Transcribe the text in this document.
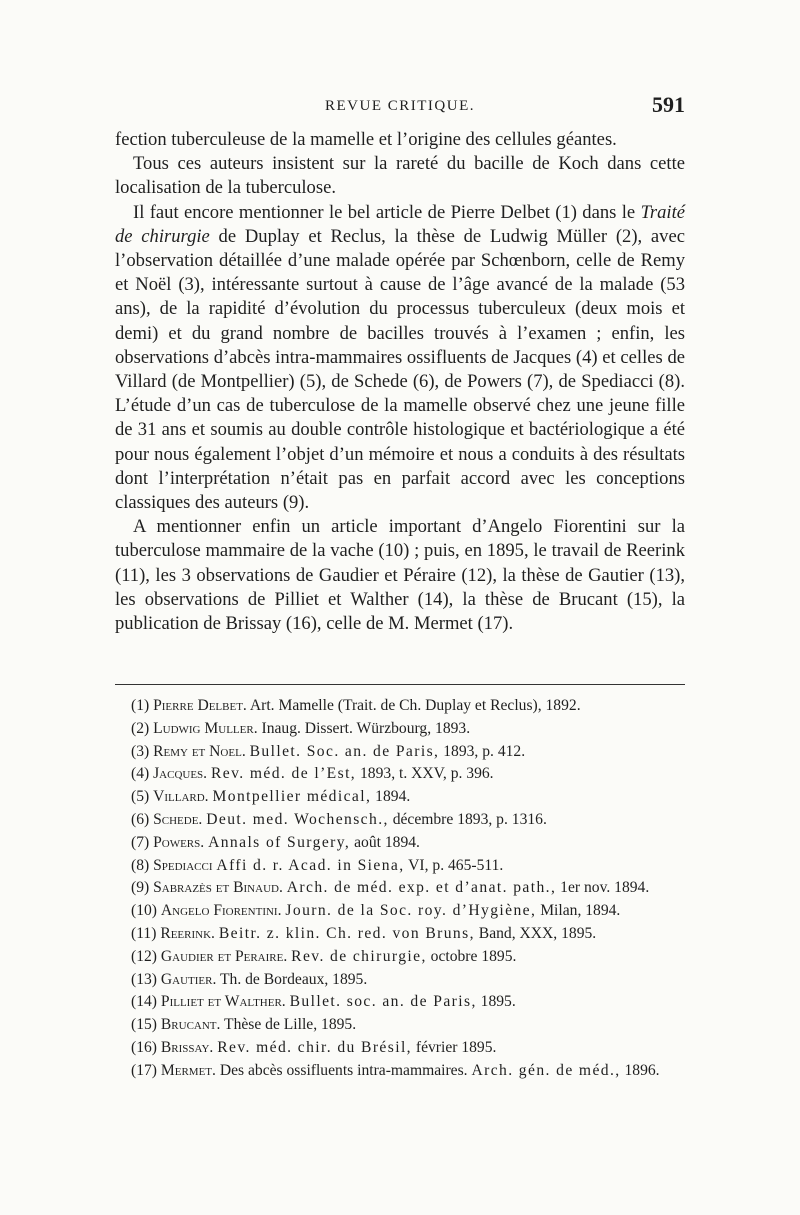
REVUE CRITIQUE.	591

fection tuberculeuse de la mamelle et l’origine des cellules géantes.

Tous ces auteurs insistent sur la rareté du bacille de Koch dans cette localisation de la tuberculose.

Il faut encore mentionner le bel article de Pierre Delbet (1) dans le Traité de chirurgie de Duplay et Reclus, la thèse de Ludwig Müller (2), avec l’observation détaillée d’une malade opérée par Schœnborn, celle de Remy et Noël (3), intéressante surtout à cause de l’âge avancé de la malade (53 ans), de la rapidité d’évolution du processus tuberculeux (deux mois et demi) et du grand nombre de bacilles trouvés à l’examen ; enfin, les observations d’abcès intra-mammaires ossifluents de Jacques (4) et celles de Villard (de Montpellier) (5), de Schede (6), de Powers (7), de Spediacci (8). L’étude d’un cas de tuberculose de la mamelle observé chez une jeune fille de 31 ans et soumis au double contrôle histologique et bactériologique a été pour nous également l’objet d’un mémoire et nous a conduits à des résultats dont l’interprétation n’était pas en parfait accord avec les conceptions classiques des auteurs (9).

A mentionner enfin un article important d’Angelo Fiorentini sur la tuberculose mammaire de la vache (10) ; puis, en 1895, le travail de Reerink (11), les 3 observations de Gaudier et Péraire (12), la thèse de Gautier (13), les observations de Pilliet et Walther (14), la thèse de Brucant (15), la publication de Brissay (16), celle de M. Mermet (17).

(1) Pierre Delbet. Art. Mamelle (Trait. de Ch. Duplay et Reclus), 1892.
(2) Ludwig Muller. Inaug. Dissert. Würzbourg, 1893.
(3) Remy et Noel. Bullet. Soc. an. de Paris, 1893, p. 412.
(4) Jacques. Rev. méd. de l’Est, 1893, t. XXV, p. 396.
(5) Villard. Montpellier médical, 1894.
(6) Schede. Deut. med. Wochensch., décembre 1893, p. 1316.
(7) Powers. Annals of Surgery, août 1894.
(8) Spediacci Affi d. r. Acad. in Siena, VI, p. 465-511.
(9) Sabrazès et Binaud. Arch. de méd. exp. et d’anat. path., 1er nov. 1894.
(10) Angelo Fiorentini. Journ. de la Soc. roy. d’Hygiène, Milan, 1894.
(11) Reerink. Beitr. z. klin. Ch. red. von Bruns, Band, XXX, 1895.
(12) Gaudier et Peraire. Rev. de chirurgie, octobre 1895.
(13) Gautier. Th. de Bordeaux, 1895.
(14) Pilliet et Walther. Bullet. soc. an. de Paris, 1895.
(15) Brucant. Thèse de Lille, 1895.
(16) Brissay. Rev. méd. chir. du Brésil, février 1895.
(17) Mermet. Des abcès ossifluents intra-mammaires. Arch. gén. de méd., 1896.
